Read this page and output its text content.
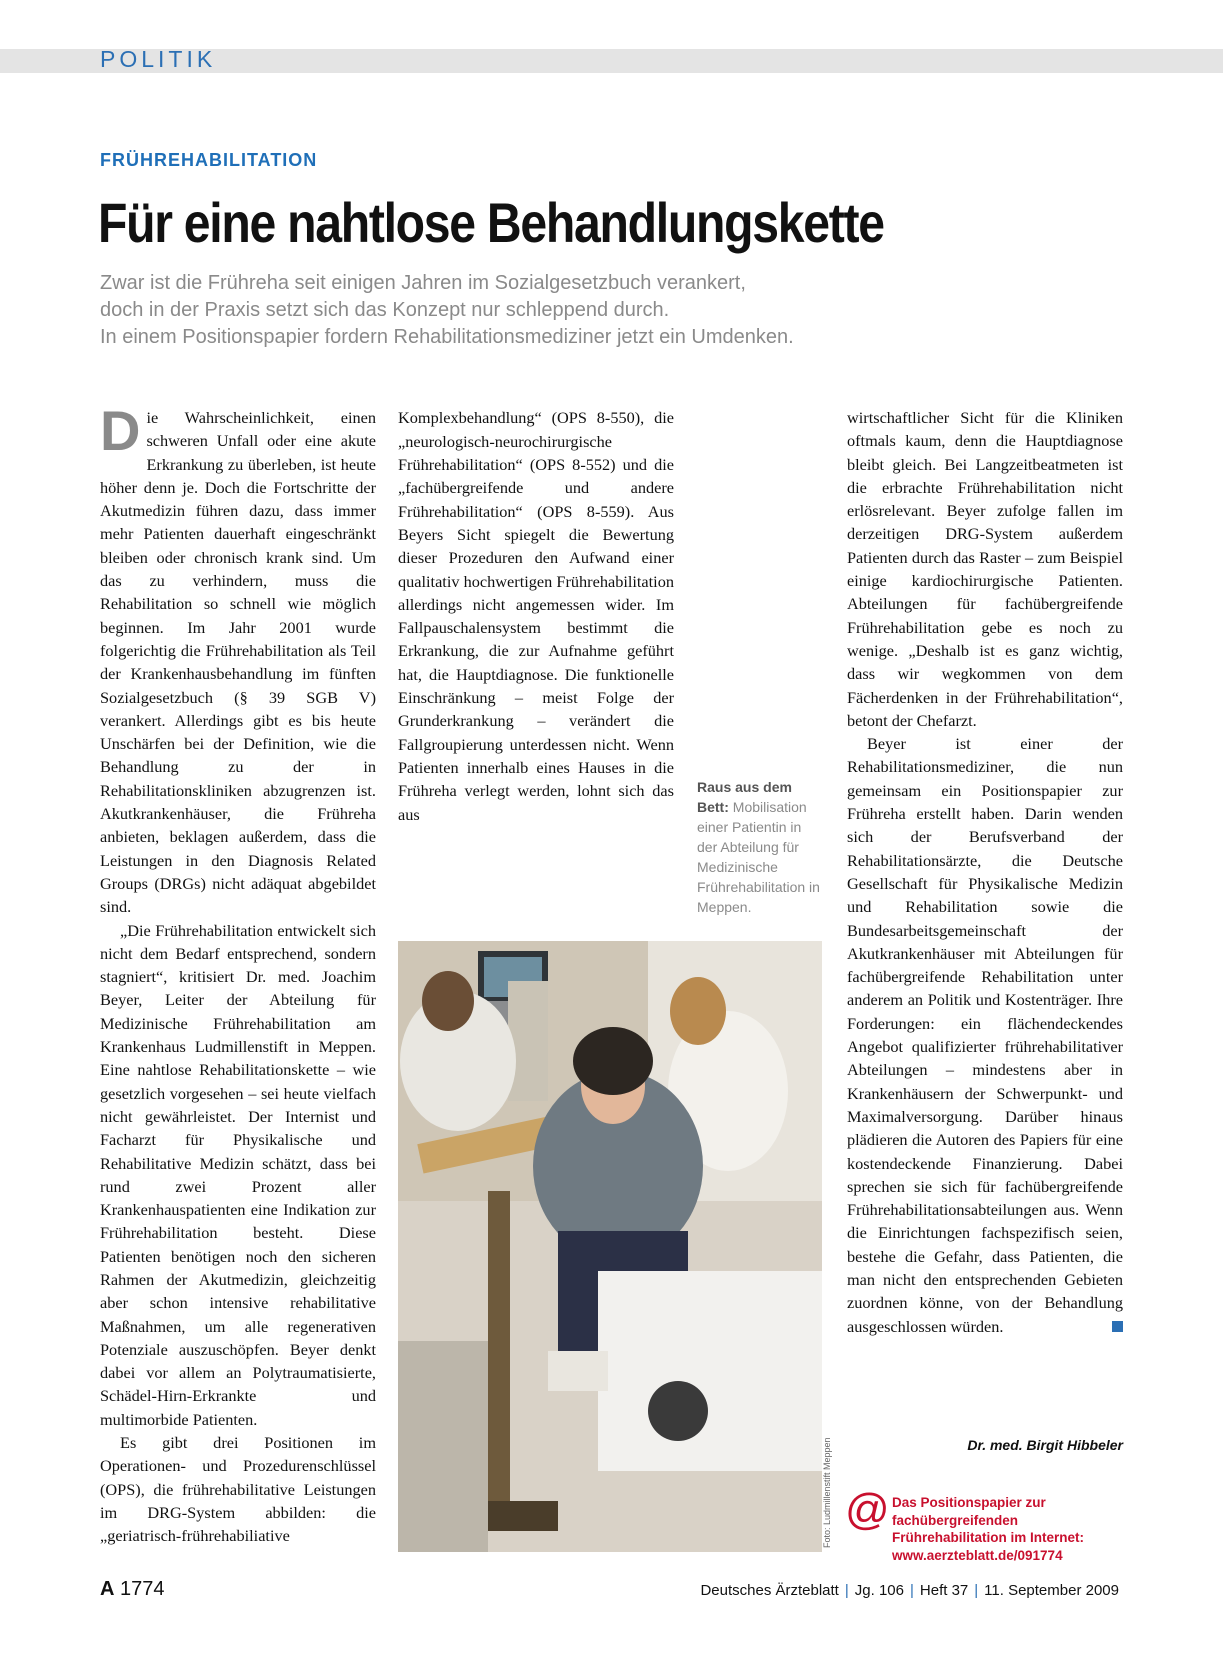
POLITIK
FRÜHREHABILITATION
Für eine nahtlose Behandlungskette
Zwar ist die Frühreha seit einigen Jahren im Sozialgesetzbuch verankert,
doch in der Praxis setzt sich das Konzept nur schleppend durch.
In einem Positionspapier fordern Rehabilitationsmediziner jetzt ein Umdenken.

Die Wahrscheinlichkeit, einen schweren Unfall oder eine akute Erkrankung zu überleben, ist heute höher denn je. Doch die Fortschritte der Akutmedizin führen dazu, dass immer mehr Patienten dauerhaft eingeschränkt bleiben oder chronisch krank sind. Um das zu verhindern, muss die Rehabilitation so schnell wie möglich beginnen. Im Jahr 2001 wurde folgerichtig die Frührehabilitation als Teil der Krankenhausbehandlung im fünften Sozialgesetzbuch (§ 39 SGB V) verankert. Allerdings gibt es bis heute Unschärfen bei der Definition, wie die Behandlung zu der in Rehabilitationskliniken abzugrenzen ist. Akutkrankenhäuser, die Frühreha anbieten, beklagen außerdem, dass die Leistungen in den Diagnosis Related Groups (DRGs) nicht adäquat abgebildet sind.

„Die Frührehabilitation entwickelt sich nicht dem Bedarf entsprechend, sondern stagniert“, kritisiert Dr. med. Joachim Beyer, Leiter der Abteilung für Medizinische Frührehabilitation am Krankenhaus Ludmillenstift in Meppen. Eine nahtlose Rehabilitationskette – wie gesetzlich vorgesehen – sei heute vielfach nicht gewährleistet. Der Internist und Facharzt für Physikalische und Rehabilitative Medizin schätzt, dass bei rund zwei Prozent aller Krankenhauspatienten eine Indikation zur Frührehabilitation besteht. Diese Patienten benötigen noch den sicheren Rahmen der Akutmedizin, gleichzeitig aber schon intensive rehabilitative Maßnahmen, um alle regenerativen Potenziale auszuschöpfen. Beyer denkt dabei vor allem an Polytraumatisierte, Schädel-Hirn-Erkrankte und multimorbide Patienten.

Es gibt drei Positionen im Operationen- und Prozedurenschlüssel (OPS), die frührehabilitative Leistungen im DRG-System abbilden: die „geriatrisch-frührehabiliative

Komplexbehandlung“ (OPS 8-550), die „neurologisch-neurochirurgische Frührehabilitation“ (OPS 8-552) und die „fachübergreifende und andere Frührehabilitation“ (OPS 8-559). Aus Beyers Sicht spiegelt die Bewertung dieser Prozeduren den Aufwand einer qualitativ hochwertigen Frührehabilitation allerdings nicht angemessen wider. Im Fallpauschalensystem bestimmt die Erkrankung, die zur Aufnahme geführt hat, die Hauptdiagnose. Die funktionelle Einschränkung – meist Folge der Grunderkrankung – verändert die Fallgroupierung unterdessen nicht. Wenn Patienten innerhalb eines Hauses in die Frühreha verlegt werden, lohnt sich das aus

Raus aus dem Bett: Mobilisation einer Patientin in der Abteilung für Medizinische Frührehabilitation in Meppen.
Foto: Ludmillenstift Meppen

wirtschaftlicher Sicht für die Kliniken oftmals kaum, denn die Hauptdiagnose bleibt gleich. Bei Langzeitbeatmeten ist die erbrachte Frührehabilitation nicht erlösrelevant. Beyer zufolge fallen im derzeitigen DRG-System außerdem Patienten durch das Raster – zum Beispiel einige kardiochirurgische Patienten. Abteilungen für fachübergreifende Frührehabilitation gebe es noch zu wenige. „Deshalb ist es ganz wichtig, dass wir wegkommen von dem Fächerdenken in der Frührehabilitation“, betont der Chefarzt.

Beyer ist einer der Rehabilitationsmediziner, die nun gemeinsam ein Positionspapier zur Frühreha erstellt haben. Darin wenden sich der Berufsverband der Rehabilitationsärzte, die Deutsche Gesellschaft für Physikalische Medizin und Rehabilitation sowie die Bundesarbeitsgemeinschaft der Akutkrankenhäuser mit Abteilungen für fachübergreifende Rehabilitation unter anderem an Politik und Kostenträger. Ihre Forderungen: ein flächendeckendes Angebot qualifizierter frührehabilitativer Abteilungen – mindestens aber in Krankenhäusern der Schwerpunkt- und Maximalversorgung. Darüber hinaus plädieren die Autoren des Papiers für eine kostendeckende Finanzierung. Dabei sprechen sie sich für fachübergreifende Frührehabilitationsabteilungen aus. Wenn die Einrichtungen fachspezifisch seien, bestehe die Gefahr, dass Patienten, die man nicht den entsprechenden Gebieten zuordnen könne, von der Behandlung ausgeschlossen würden.

Dr. med. Birgit Hibbeler
@ Das Positionspapier zur fachübergreifenden Frührehabilitation im Internet: www.aerzteblatt.de/091774
A 1774	Deutsches Ärzteblatt | Jg. 106 | Heft 37 | 11. September 2009
